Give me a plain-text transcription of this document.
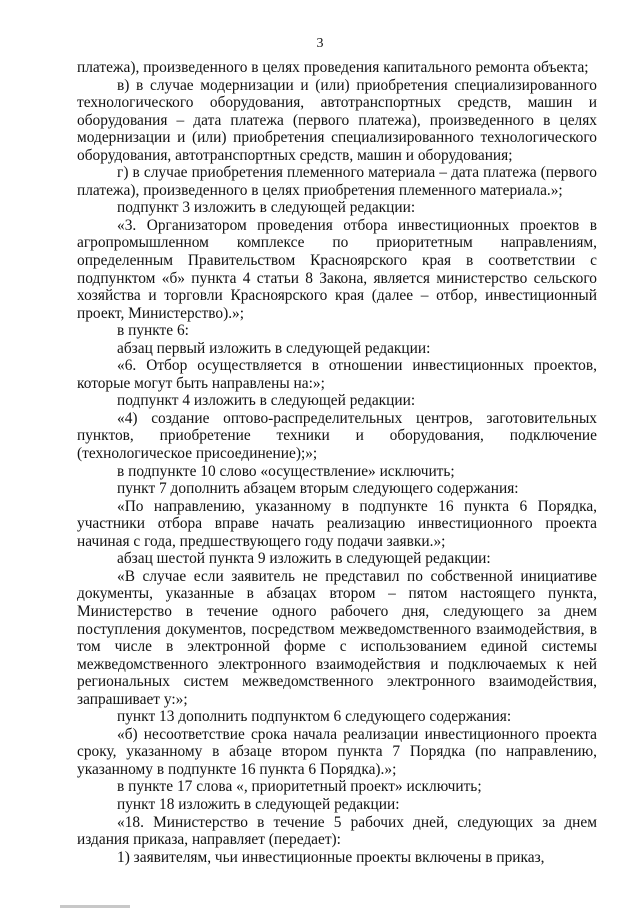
3

платежа), произведенного в целях проведения капитального ремонта объекта;

в) в случае модернизации и (или) приобретения специализированного технологического оборудования, автотранспортных средств, машин и оборудования – дата платежа (первого платежа), произведенного в целях модернизации и (или) приобретения специализированного технологического оборудования, автотранспортных средств, машин и оборудования;

г) в случае приобретения племенного материала – дата платежа (первого платежа), произведенного в целях приобретения племенного материала.»;

подпункт 3 изложить в следующей редакции:

«3. Организатором проведения отбора инвестиционных проектов в агропромышленном комплексе по приоритетным направлениям, определенным Правительством Красноярского края в соответствии с подпунктом «б» пункта 4 статьи 8 Закона, является министерство сельского хозяйства и торговли Красноярского края (далее – отбор, инвестиционный проект, Министерство).»;

в пункте 6:

абзац первый изложить в следующей редакции:

«6. Отбор осуществляется в отношении инвестиционных проектов, которые могут быть направлены на:»;

подпункт 4 изложить в следующей редакции:

«4) создание оптово-распределительных центров, заготовительных пунктов, приобретение техники и оборудования, подключение (технологическое присоединение);»;

в подпункте 10 слово «осуществление» исключить;

пункт 7 дополнить абзацем вторым следующего содержания:

«По направлению, указанному в подпункте 16 пункта 6 Порядка, участники отбора вправе начать реализацию инвестиционного проекта начиная с года, предшествующего году подачи заявки.»;

абзац шестой пункта 9 изложить в следующей редакции:

«В случае если заявитель не представил по собственной инициативе документы, указанные в абзацах втором – пятом настоящего пункта, Министерство в течение одного рабочего дня, следующего за днем поступления документов, посредством межведомственного взаимодействия, в том числе в электронной форме с использованием единой системы межведомственного электронного взаимодействия и подключаемых к ней региональных систем межведомственного электронного взаимодействия, запрашивает у:»;

пункт 13 дополнить подпунктом 6 следующего содержания:

«б) несоответствие срока начала реализации инвестиционного проекта сроку, указанному в абзаце втором пункта 7 Порядка (по направлению, указанному в подпункте 16 пункта 6 Порядка).»;

в пункте 17 слова «, приоритетный проект» исключить;

пункт 18 изложить в следующей редакции:

«18. Министерство в течение 5 рабочих дней, следующих за днем издания приказа, направляет (передает):

1) заявителям, чьи инвестиционные проекты включены в приказ,
